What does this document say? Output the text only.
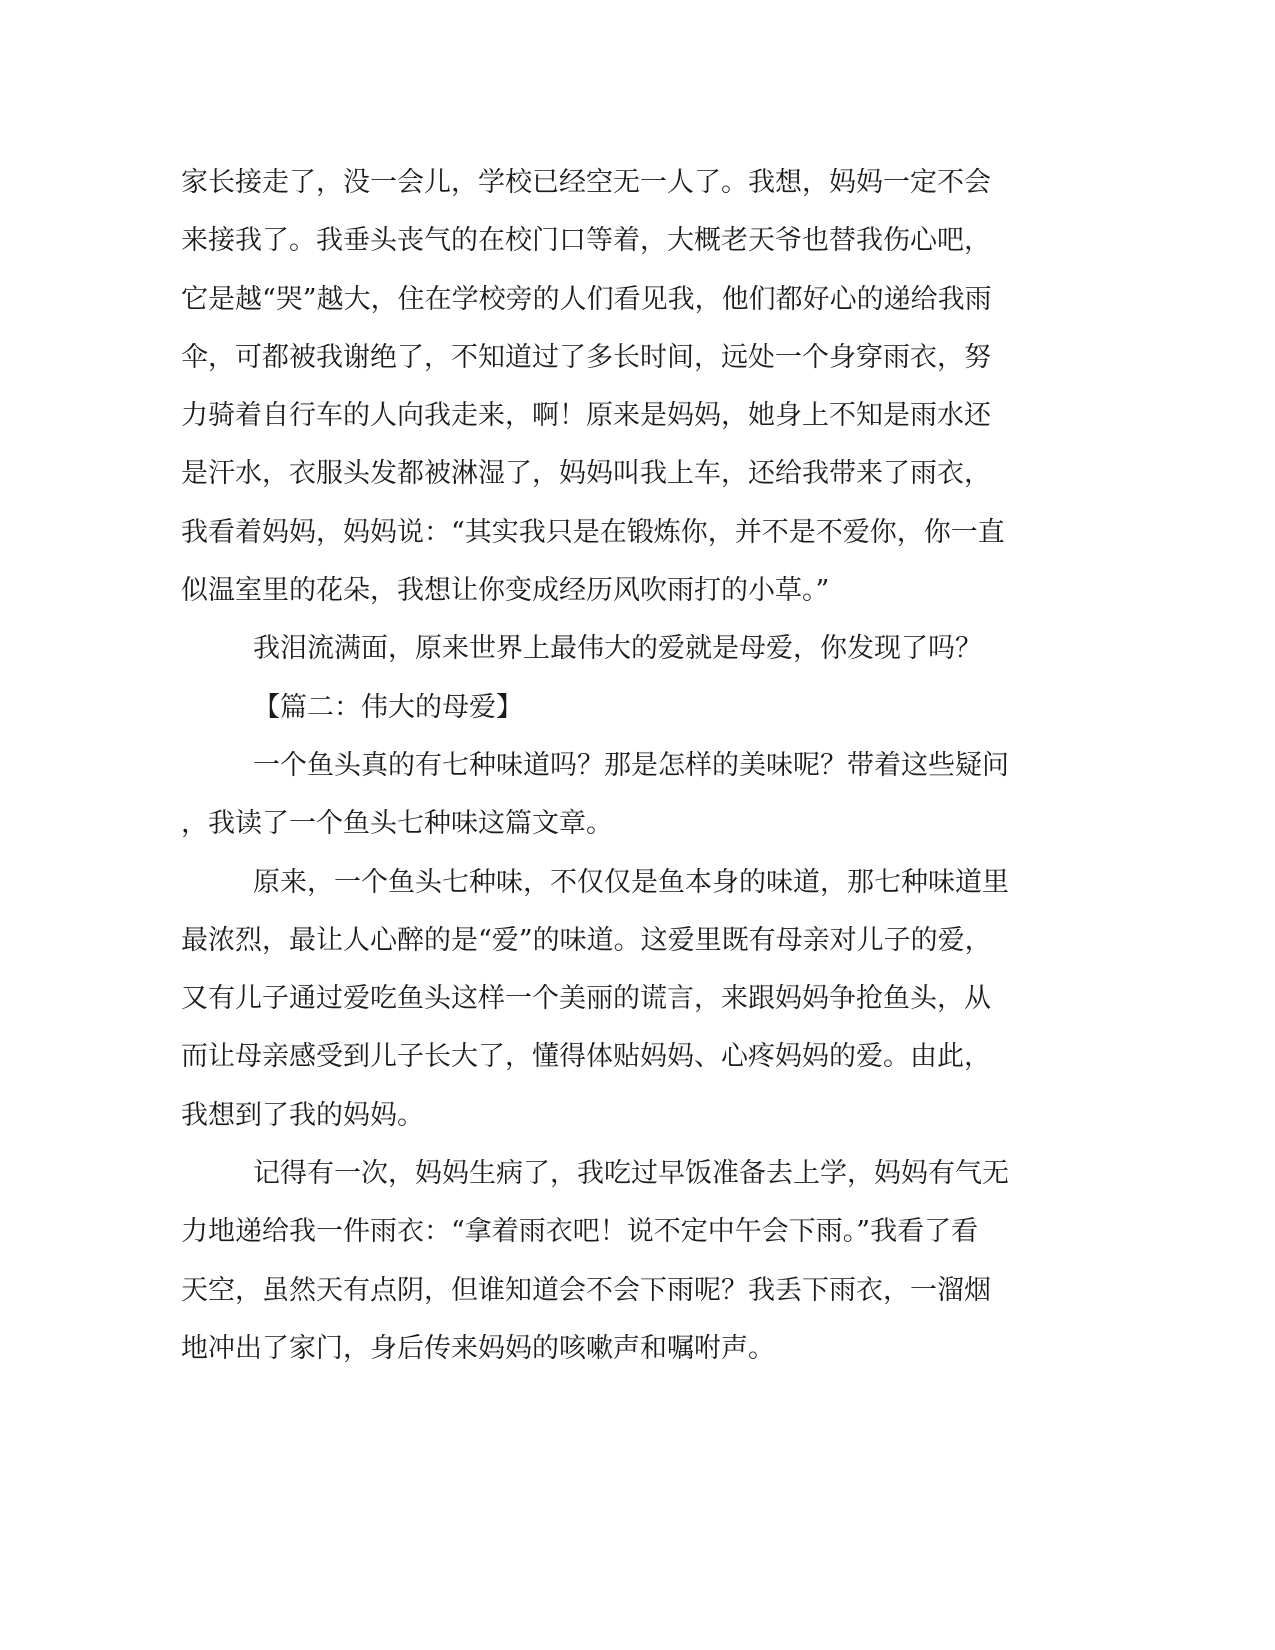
家长接走了，没一会儿，学校已经空无一人了。我想，妈妈一定不会
来接我了。我垂头丧气的在校门口等着，大概老天爷也替我伤心吧，
它是越“哭”越大，住在学校旁的人们看见我，他们都好心的递给我雨
伞，可都被我谢绝了，不知道过了多长时间，远处一个身穿雨衣，努
力骑着自行车的人向我走来，啊！原来是妈妈，她身上不知是雨水还
是汗水，衣服头发都被淋湿了，妈妈叫我上车，还给我带来了雨衣，
我看着妈妈，妈妈说：“其实我只是在锻炼你，并不是不爱你，你一直
似温室里的花朵，我想让你变成经历风吹雨打的小草。”
我泪流满面，原来世界上最伟大的爱就是母爱，你发现了吗？
【篇二：伟大的母爱】
一个鱼头真的有七种味道吗？那是怎样的美味呢？带着这些疑问
，我读了一个鱼头七种味这篇文章。
原来，一个鱼头七种味，不仅仅是鱼本身的味道，那七种味道里
最浓烈，最让人心醉的是“爱”的味道。这爱里既有母亲对儿子的爱，
又有儿子通过爱吃鱼头这样一个美丽的谎言，来跟妈妈争抢鱼头，从
而让母亲感受到儿子长大了，懂得体贴妈妈、心疼妈妈的爱。由此，
我想到了我的妈妈。
记得有一次，妈妈生病了，我吃过早饭准备去上学，妈妈有气无
力地递给我一件雨衣：“拿着雨衣吧！说不定中午会下雨。”我看了看
天空，虽然天有点阴，但谁知道会不会下雨呢？我丢下雨衣，一溜烟
地冲出了家门，身后传来妈妈的咳嗽声和嘱咐声。
